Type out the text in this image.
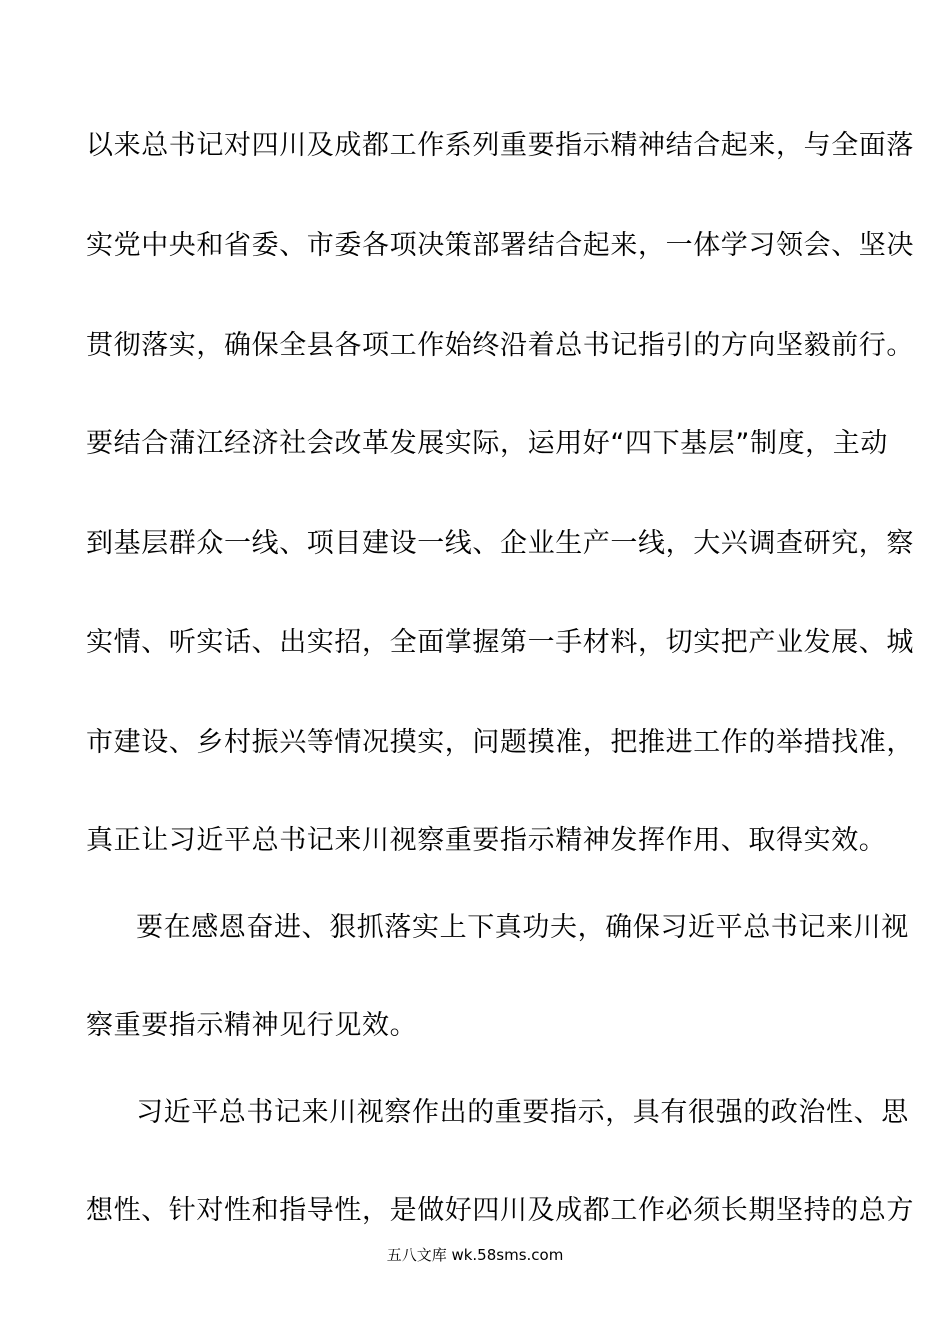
以来总书记对四川及成都工作系列重要指示精神结合起来，与全面落
实党中央和省委、市委各项决策部署结合起来，一体学习领会、坚决
贯彻落实，确保全县各项工作始终沿着总书记指引的方向坚毅前行。
要结合蒲江经济社会改革发展实际，运用好“四下基层”制度，主动
到基层群众一线、项目建设一线、企业生产一线，大兴调查研究，察
实情、听实话、出实招，全面掌握第一手材料，切实把产业发展、城
市建设、乡村振兴等情况摸实，问题摸准，把推进工作的举措找准，
真正让习近平总书记来川视察重要指示精神发挥作用、取得实效。
要在感恩奋进、狠抓落实上下真功夫，确保习近平总书记来川视
察重要指示精神见行见效。
习近平总书记来川视察作出的重要指示，具有很强的政治性、思
想性、针对性和指导性，是做好四川及成都工作必须长期坚持的总方
五八文库 wk.58sms.com
